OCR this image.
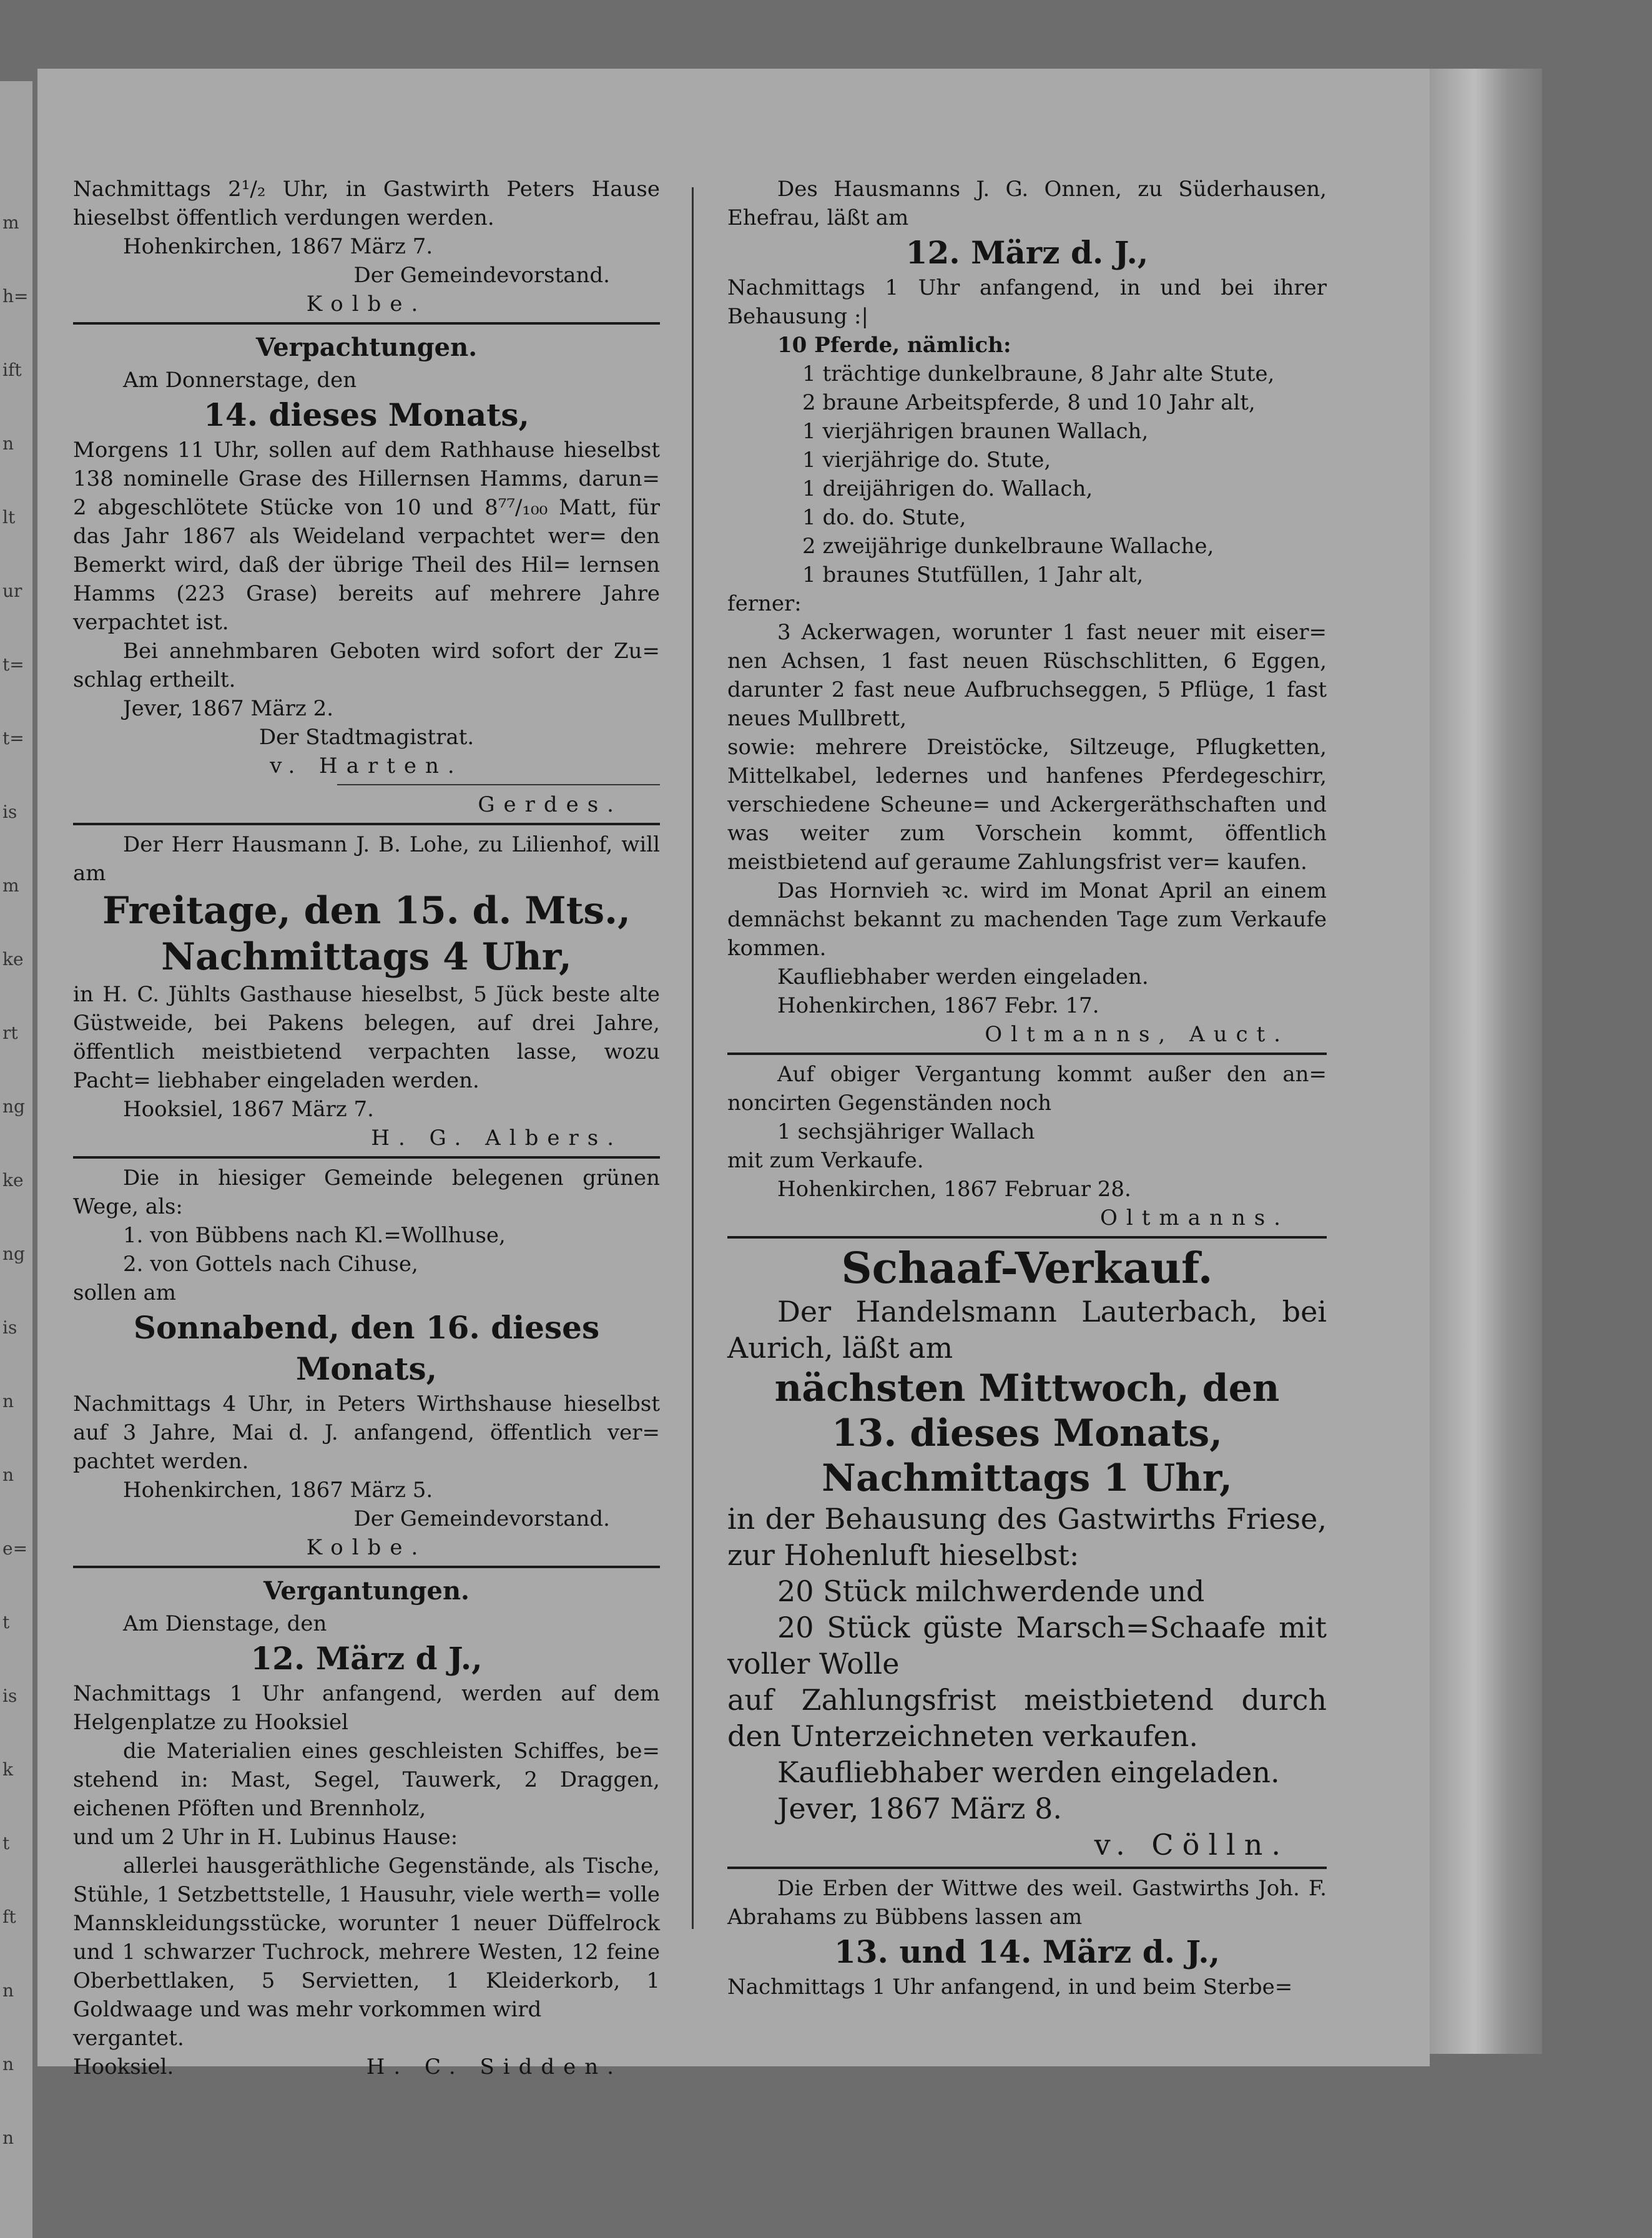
m
h=
ift
n
lt
ur
t=
t=
is
m
ke
rt
ng
ke
ng
is
n
n
e=
t
is
k
t
ft
n
n
n

Nachmittags 2¹/₂ Uhr, in Gastwirth Peters Hause hieselbst öffentlich verdungen werden.

Hohenkirchen, 1867 März 7.

Der Gemeindevorstand.

Kolbe.

Verpachtungen.

Am Donnerstage, den

14. dieses Monats,

Morgens 11 Uhr, sollen auf dem Rathhause hieselbst 138 nominelle Grase des Hillernsen Hamms, darun= 2 abgeschlötete Stücke von 10 und 8⁷⁷/₁₀₀ Matt, für das Jahr 1867 als Weideland verpachtet wer= den Bemerkt wird, daß der übrige Theil des Hil= lernsen Hamms (223 Grase) bereits auf mehrere Jahre verpachtet ist.

Bei annehmbaren Geboten wird sofort der Zu= schlag ertheilt.

Jever, 1867 März 2.

Der Stadtmagistrat.

v. Harten.

Gerdes.

Der Herr Hausmann J. B. Lohe, zu Lilienhof, will am

Freitage, den 15. d. Mts.,

Nachmittags 4 Uhr,

in H. C. Jühlts Gasthause hieselbst, 5 Jück beste alte Güstweide, bei Pakens belegen, auf drei Jahre, öffentlich meistbietend verpachten lasse, wozu Pacht= liebhaber eingeladen werden.

Hooksiel, 1867 März 7.

H. G. Albers.

Die in hiesiger Gemeinde belegenen grünen Wege, als:

1. von Bübbens nach Kl.=Wollhuse,

2. von Gottels nach Cihuse,

sollen am

Sonnabend, den 16. dieses Monats,

Nachmittags 4 Uhr, in Peters Wirthshause hieselbst auf 3 Jahre, Mai d. J. anfangend, öffentlich ver= pachtet werden.

Hohenkirchen, 1867 März 5.

Der Gemeindevorstand.

Kolbe.

Vergantungen.

Am Dienstage, den

12. März d J.,

Nachmittags 1 Uhr anfangend, werden auf dem Helgenplatze zu Hooksiel

die Materialien eines geschleisten Schiffes, be= stehend in: Mast, Segel, Tauwerk, 2 Draggen, eichenen Pföften und Brennholz,

und um 2 Uhr in H. Lubinus Hause:

allerlei hausgeräthliche Gegenstände, als Tische, Stühle, 1 Setzbettstelle, 1 Hausuhr, viele werth= volle Mannskleidungsstücke, worunter 1 neuer Düffelrock und 1 schwarzer Tuchrock, mehrere Westen, 12 feine Oberbettlaken, 5 Servietten, 1 Kleiderkorb, 1 Goldwaage und was mehr vorkommen wird

vergantet.

Hooksiel.	H. C. Sidden.

Des Hausmanns J. G. Onnen, zu Süderhausen, Ehefrau, läßt am

12. März d. J.,

Nachmittags 1 Uhr anfangend, in und bei ihrer Behausung :|

10 Pferde, nämlich:

1 trächtige dunkelbraune, 8 Jahr alte Stute,

2 braune Arbeitspferde, 8 und 10 Jahr alt,

1 vierjährigen braunen Wallach,

1 vierjährige do. Stute,

1 dreijährigen do. Wallach,

1 do. do. Stute,

2 zweijährige dunkelbraune Wallache,

1 braunes Stutfüllen, 1 Jahr alt,

ferner:

3 Ackerwagen, worunter 1 fast neuer mit eiser= nen Achsen, 1 fast neuen Rüschschlitten, 6 Eggen, darunter 2 fast neue Aufbruchseggen, 5 Pflüge, 1 fast neues Mullbrett,

sowie: mehrere Dreistöcke, Siltzeuge, Pflugketten, Mittelkabel, ledernes und hanfenes Pferdegeschirr, verschiedene Scheune= und Ackergeräthschaften und was weiter zum Vorschein kommt, öffentlich meistbietend auf geraume Zahlungsfrist ver= kaufen.

Das Hornvieh ꝛc. wird im Monat April an einem demnächst bekannt zu machenden Tage zum Verkaufe kommen.

Kaufliebhaber werden eingeladen.

Hohenkirchen, 1867 Febr. 17.

Oltmanns, Auct.

Auf obiger Vergantung kommt außer den an= noncirten Gegenständen noch

1 sechsjähriger Wallach

mit zum Verkaufe.

Hohenkirchen, 1867 Februar 28.

Oltmanns.

Schaaf-Verkauf.

Der Handelsmann Lauterbach, bei Aurich, läßt am

nächsten Mittwoch, den

13. dieses Monats,

Nachmittags 1 Uhr,

in der Behausung des Gastwirths Friese, zur Hohenluft hieselbst:

20 Stück milchwerdende und

20 Stück güste Marsch=Schaafe mit voller Wolle

auf Zahlungsfrist meistbietend durch den Unterzeichneten verkaufen.

Kaufliebhaber werden eingeladen.

Jever, 1867 März 8.

v. Cölln.

Die Erben der Wittwe des weil. Gastwirths Joh. F. Abrahams zu Bübbens lassen am

13. und 14. März d. J.,

Nachmittags 1 Uhr anfangend, in und beim Sterbe=
